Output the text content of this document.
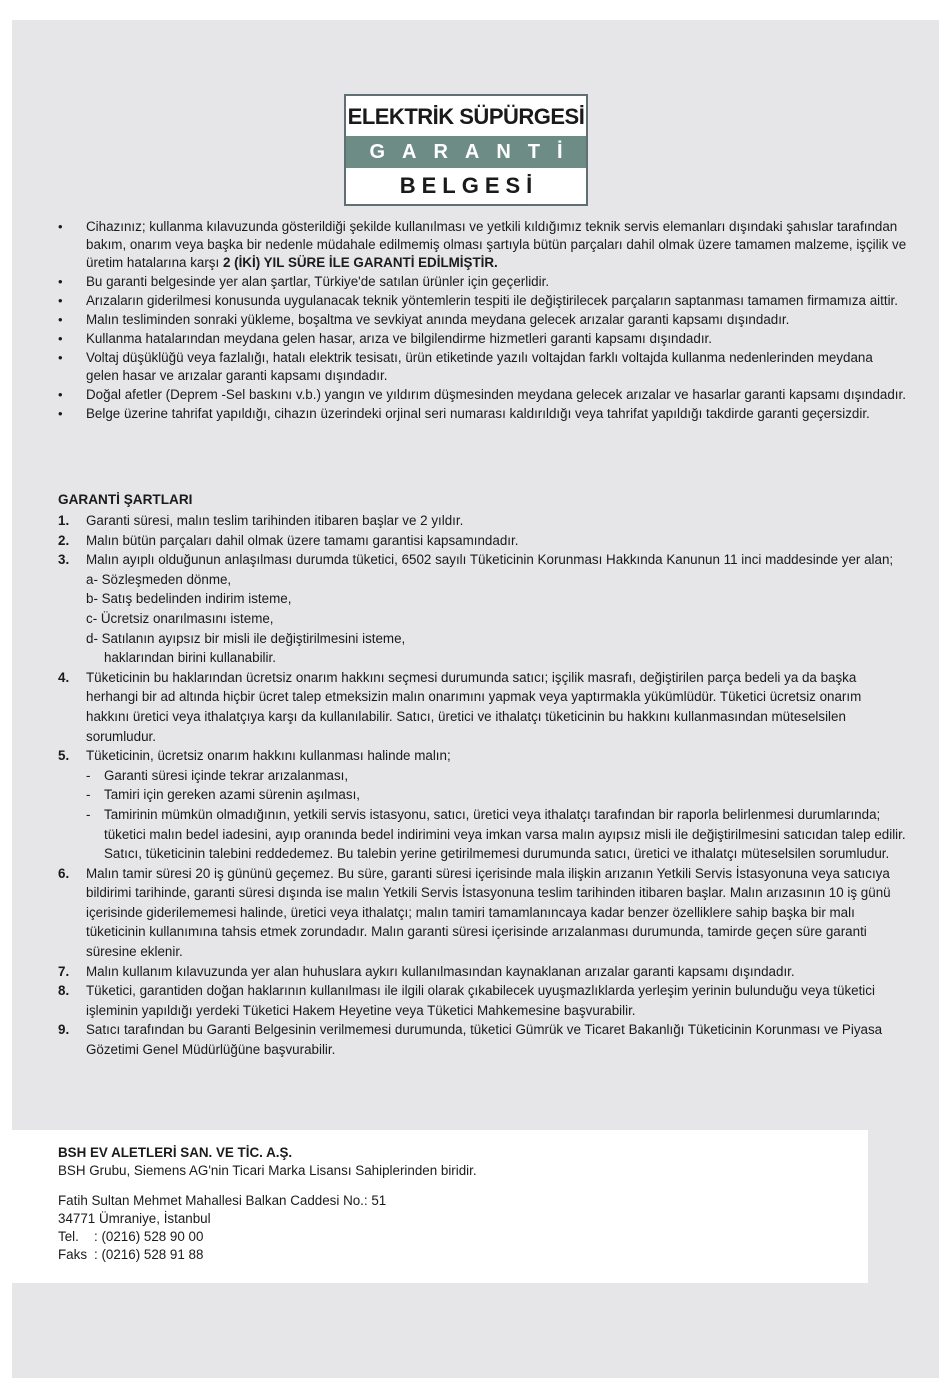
ELEKTRİK SÜPÜRGESİ
GARANTİ
BELGESİ
• Cihazınız; kullanma kılavuzunda gösterildiği şekilde kullanılması ve yetkili kıldığımız teknik servis elemanları dışındaki şahıslar tarafından bakım, onarım veya başka bir nedenle müdahale edilmemiş olması şartıyla bütün parçaları dahil olmak üzere tamamen malzeme, işçilik ve üretim hatalarına karşı 2 (İKİ) YIL SÜRE İLE GARANTİ EDİLMİŞTİR.
• Bu garanti belgesinde yer alan şartlar, Türkiye'de satılan ürünler için geçerlidir.
• Arızaların giderilmesi konusunda uygulanacak teknik yöntemlerin tespiti ile değiştirilecek parçaların saptanması tamamen firmamıza aittir.
• Malın tesliminden sonraki yükleme, boşaltma ve sevkiyat anında meydana gelecek arızalar garanti kapsamı dışındadır.
• Kullanma hatalarından meydana gelen hasar, arıza ve bilgilendirme hizmetleri garanti kapsamı dışındadır.
• Voltaj düşüklüğü veya fazlalığı, hatalı elektrik tesisatı, ürün etiketinde yazılı voltajdan farklı voltajda kullanma nedenlerinden meydana gelen hasar ve arızalar garanti kapsamı dışındadır.
• Doğal afetler (Deprem -Sel baskını v.b.) yangın ve yıldırım düşmesinden meydana gelecek arızalar ve hasarlar garanti kapsamı dışındadır.
• Belge üzerine tahrifat yapıldığı, cihazın üzerindeki orjinal seri numarası kaldırıldığı veya tahrifat yapıldığı takdirde garanti geçersizdir.
GARANTİ ŞARTLARI
1. Garanti süresi, malın teslim tarihinden itibaren başlar ve 2 yıldır.
2. Malın bütün parçaları dahil olmak üzere tamamı garantisi kapsamındadır.
3. Malın ayıplı olduğunun anlaşılması durumda tüketici, 6502 sayılı Tüketicinin Korunması Hakkında Kanunun 11 inci maddesinde yer alan;
a- Sözleşmeden dönme,
b- Satış bedelinden indirim isteme,
c- Ücretsiz onarılmasını isteme,
d- Satılanın ayıpsız bir misli ile değiştirilmesini isteme,
haklarından birini kullanabilir.
4. Tüketicinin bu haklarından ücretsiz onarım hakkını seçmesi durumunda satıcı; işçilik masrafı, değiştirilen parça bedeli ya da başka herhangi bir ad altında hiçbir ücret talep etmeksizin malın onarımını yapmak veya yaptırmakla yükümlüdür. Tüketici ücretsiz onarım hakkını üretici veya ithalatçıya karşı da kullanılabilir. Satıcı, üretici ve ithalatçı tüketicinin bu hakkını kullanmasından müteselsilen sorumludur.
5. Tüketicinin, ücretsiz onarım hakkını kullanması halinde malın;
- Garanti süresi içinde tekrar arızalanması,
- Tamiri için gereken azami sürenin aşılması,
- Tamirinin mümkün olmadığının, yetkili servis istasyonu, satıcı, üretici veya ithalatçı tarafından bir raporla belirlenmesi durumlarında; tüketici malın bedel iadesini, ayıp oranında bedel indirimini veya imkan varsa malın ayıpsız misli ile değiştirilmesini satıcıdan talep edilir. Satıcı, tüketicinin talebini reddedemez. Bu talebin yerine getirilmemesi durumunda satıcı, üretici ve ithalatçı müteselsilen sorumludur.
6. Malın tamir süresi 20 iş gününü geçemez. Bu süre, garanti süresi içerisinde mala ilişkin arızanın Yetkili Servis İstasyonuna veya satıcıya bildirimi tarihinde, garanti süresi dışında ise malın Yetkili Servis İstasyonuna teslim tarihinden itibaren başlar. Malın arızasının 10 iş günü içerisinde giderilememesi halinde, üretici veya ithalatçı; malın tamiri tamamlanıncaya kadar benzer özelliklere sahip başka bir malı tüketicinin kullanımına tahsis etmek zorundadır. Malın garanti süresi içerisinde arızalanması durumunda, tamirde geçen süre garanti süresine eklenir.
7. Malın kullanım kılavuzunda yer alan huhuslara aykırı kullanılmasından kaynaklanan arızalar garanti kapsamı dışındadır.
8. Tüketici, garantiden doğan haklarının kullanılması ile ilgili olarak çıkabilecek uyuşmazlıklarda yerleşim yerinin bulunduğu veya tüketici işleminin yapıldığı yerdeki Tüketici Hakem Heyetine veya Tüketici Mahkemesine başvurabilir.
9. Satıcı tarafından bu Garanti Belgesinin verilmemesi durumunda, tüketici Gümrük ve Ticaret Bakanlığı Tüketicinin Korunması ve Piyasa Gözetimi Genel Müdürlüğüne başvurabilir.
BSH EV ALETLERİ SAN. VE TİC. A.Ş.
BSH Grubu, Siemens AG'nin Ticari Marka Lisansı Sahiplerinden biridir.
Fatih Sultan Mehmet Mahallesi Balkan Caddesi No.: 51
34771 Ümraniye, İstanbul
Tel. : (0216) 528 90 00
Faks : (0216) 528 91 88
